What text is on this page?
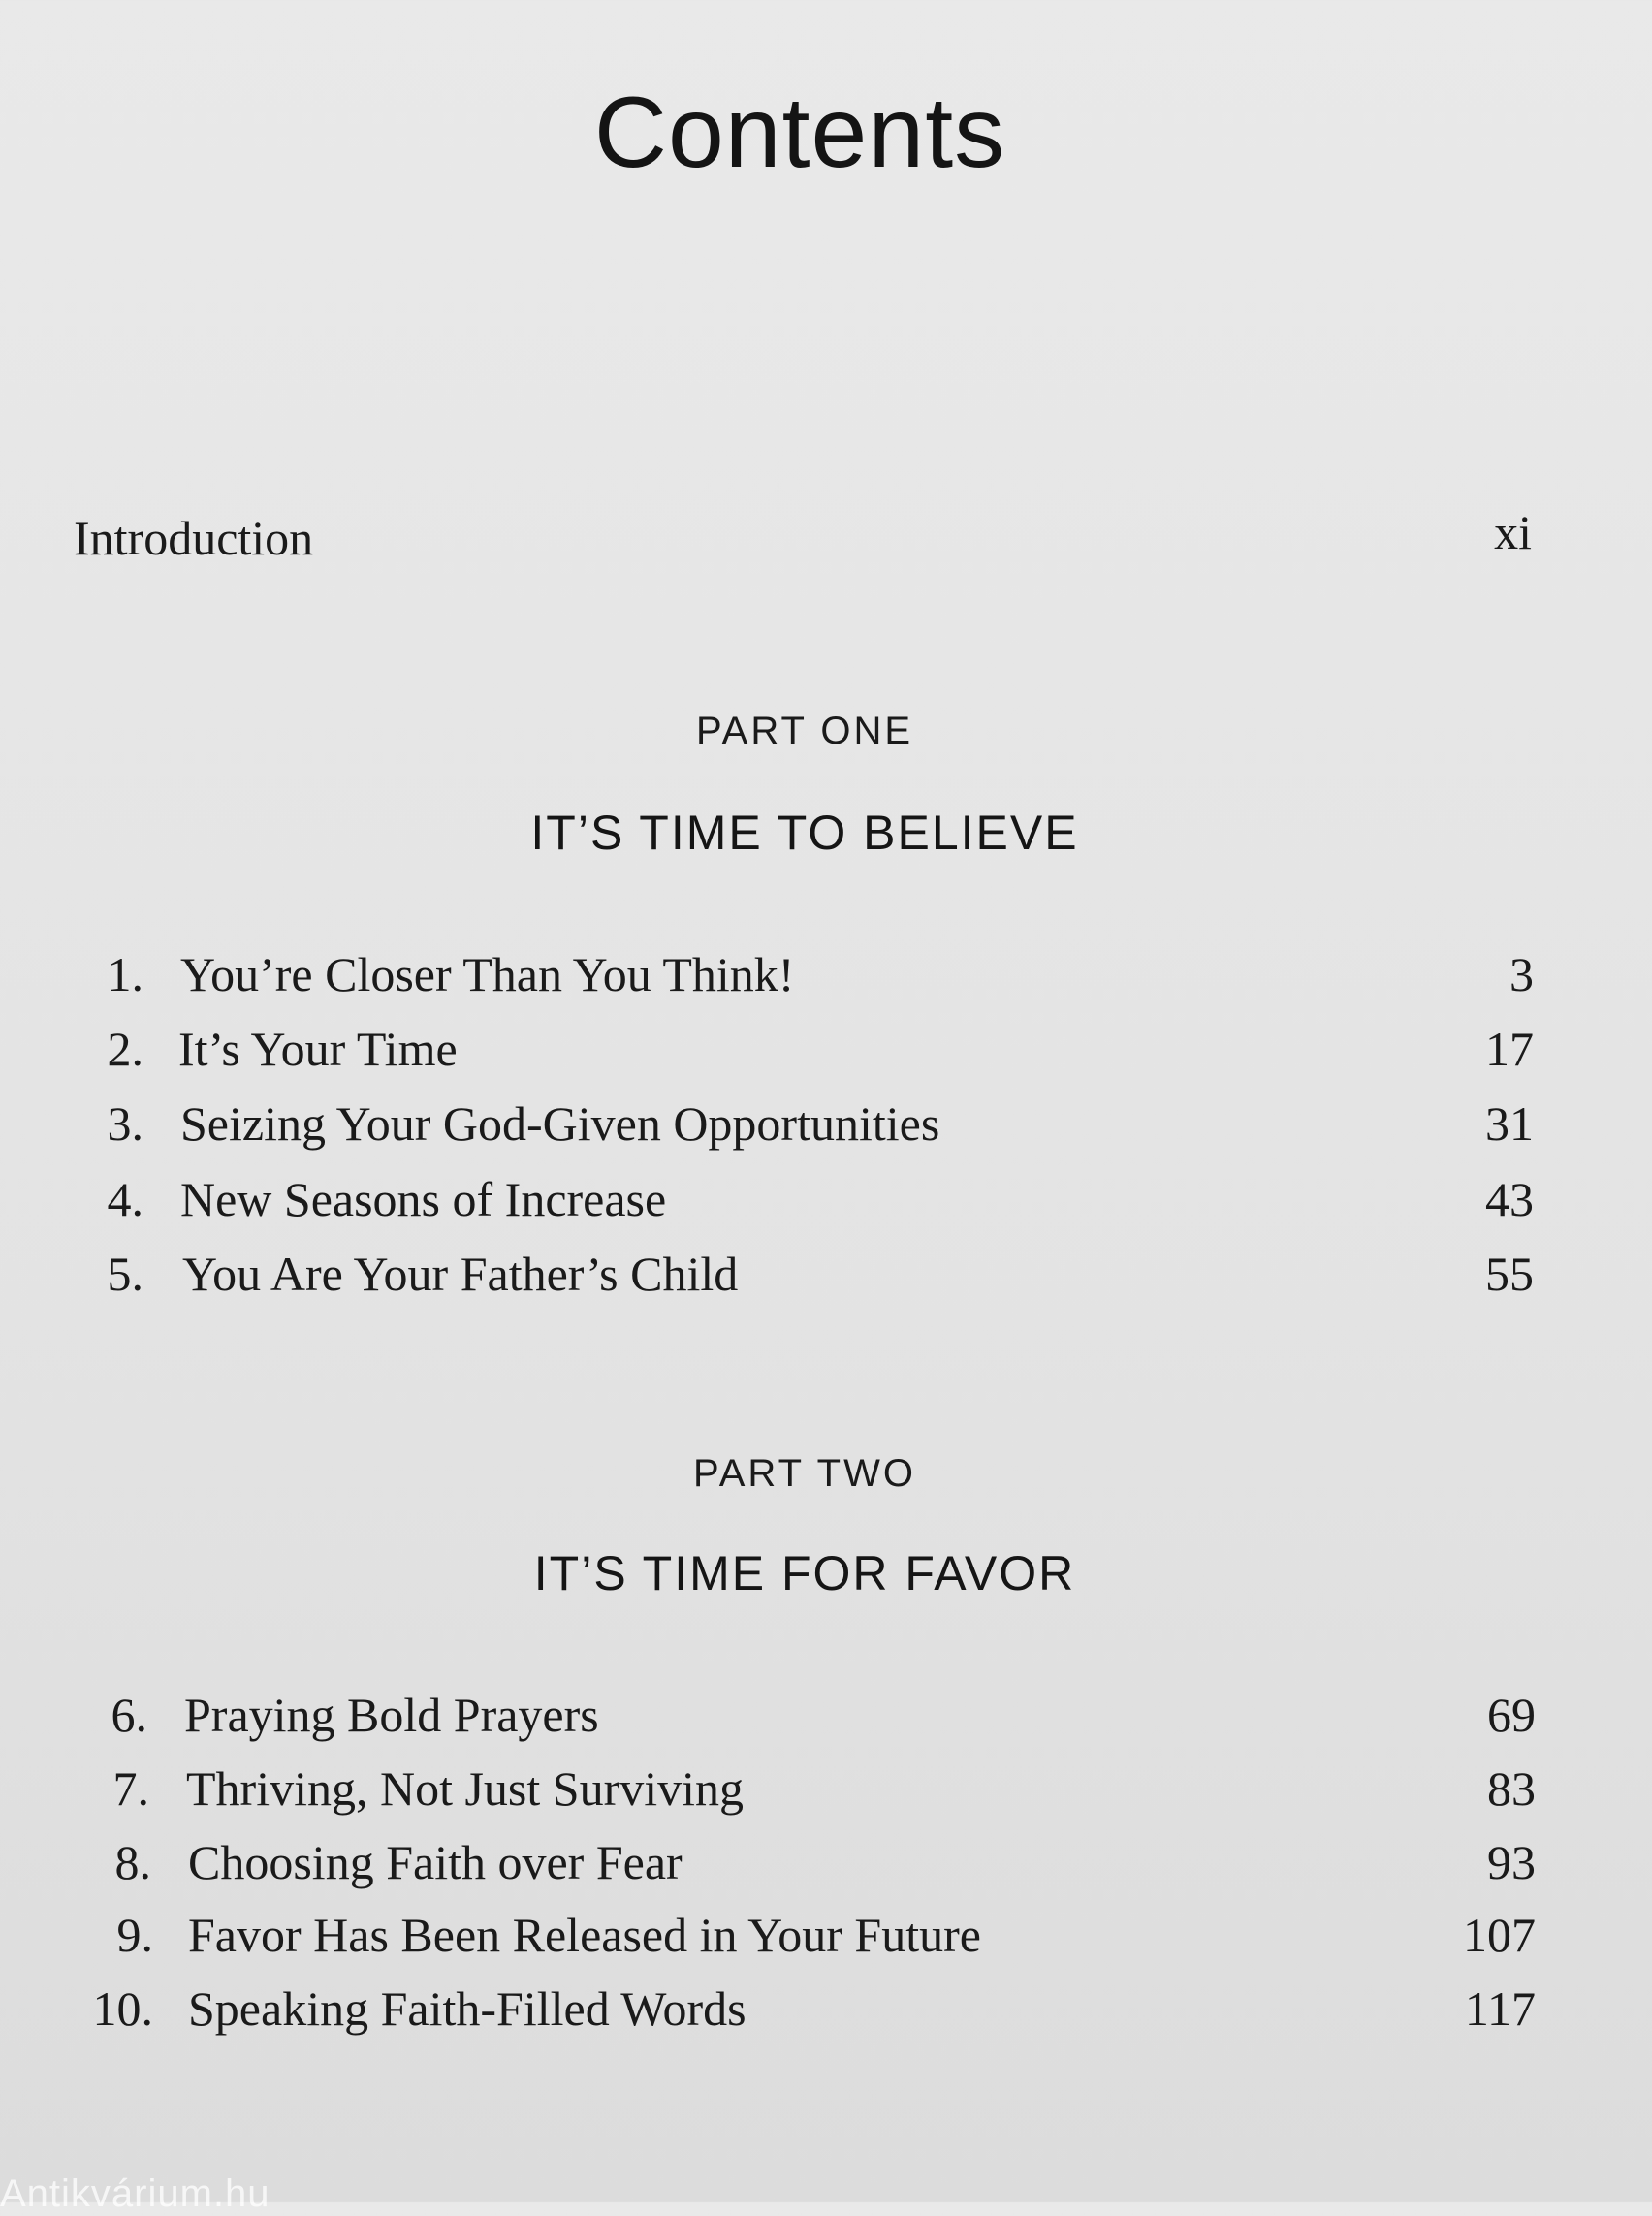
Contents
Introduction	xi
PART ONE
IT’S TIME TO BELIEVE
1. You’re Closer Than You Think!	3
2. It’s Your Time	17
3. Seizing Your God-Given Opportunities	31
4. New Seasons of Increase	43
5. You Are Your Father’s Child	55
PART TWO
IT’S TIME FOR FAVOR
6. Praying Bold Prayers	69
7. Thriving, Not Just Surviving	83
8. Choosing Faith over Fear	93
9. Favor Has Been Released in Your Future	107
10. Speaking Faith-Filled Words	117
Antikvárium.hu
